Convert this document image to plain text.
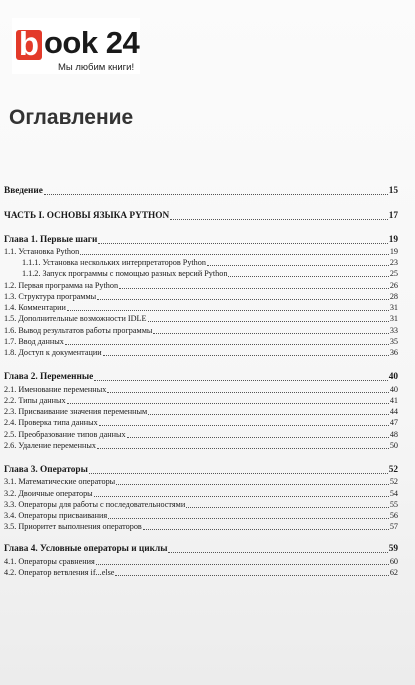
b ook 24
Мы любим книги!
Оглавление
Введение	15
ЧАСТЬ I. ОСНОВЫ ЯЗЫКА PYTHON	17
Глава 1. Первые шаги	19
1.1. Установка Python	19
1.1.1. Установка нескольких интерпретаторов Python	23
1.1.2. Запуск программы с помощью разных версий Python	25
1.2. Первая программа на Python	26
1.3. Структура программы	28
1.4. Комментарии	31
1.5. Дополнительные возможности IDLE	31
1.6. Вывод результатов работы программы	33
1.7. Ввод данных	35
1.8. Доступ к документации	36
Глава 2. Переменные	40
2.1. Именование переменных	40
2.2. Типы данных	41
2.3. Присваивание значения переменным	44
2.4. Проверка типа данных	47
2.5. Преобразование типов данных	48
2.6. Удаление переменных	50
Глава 3. Операторы	52
3.1. Математические операторы	52
3.2. Двоичные операторы	54
3.3. Операторы для работы с последовательностями	55
3.4. Операторы присваивания	56
3.5. Приоритет выполнения операторов	57
Глава 4. Условные операторы и циклы	59
4.1. Операторы сравнения	60
4.2. Оператор ветвления if...else	62
